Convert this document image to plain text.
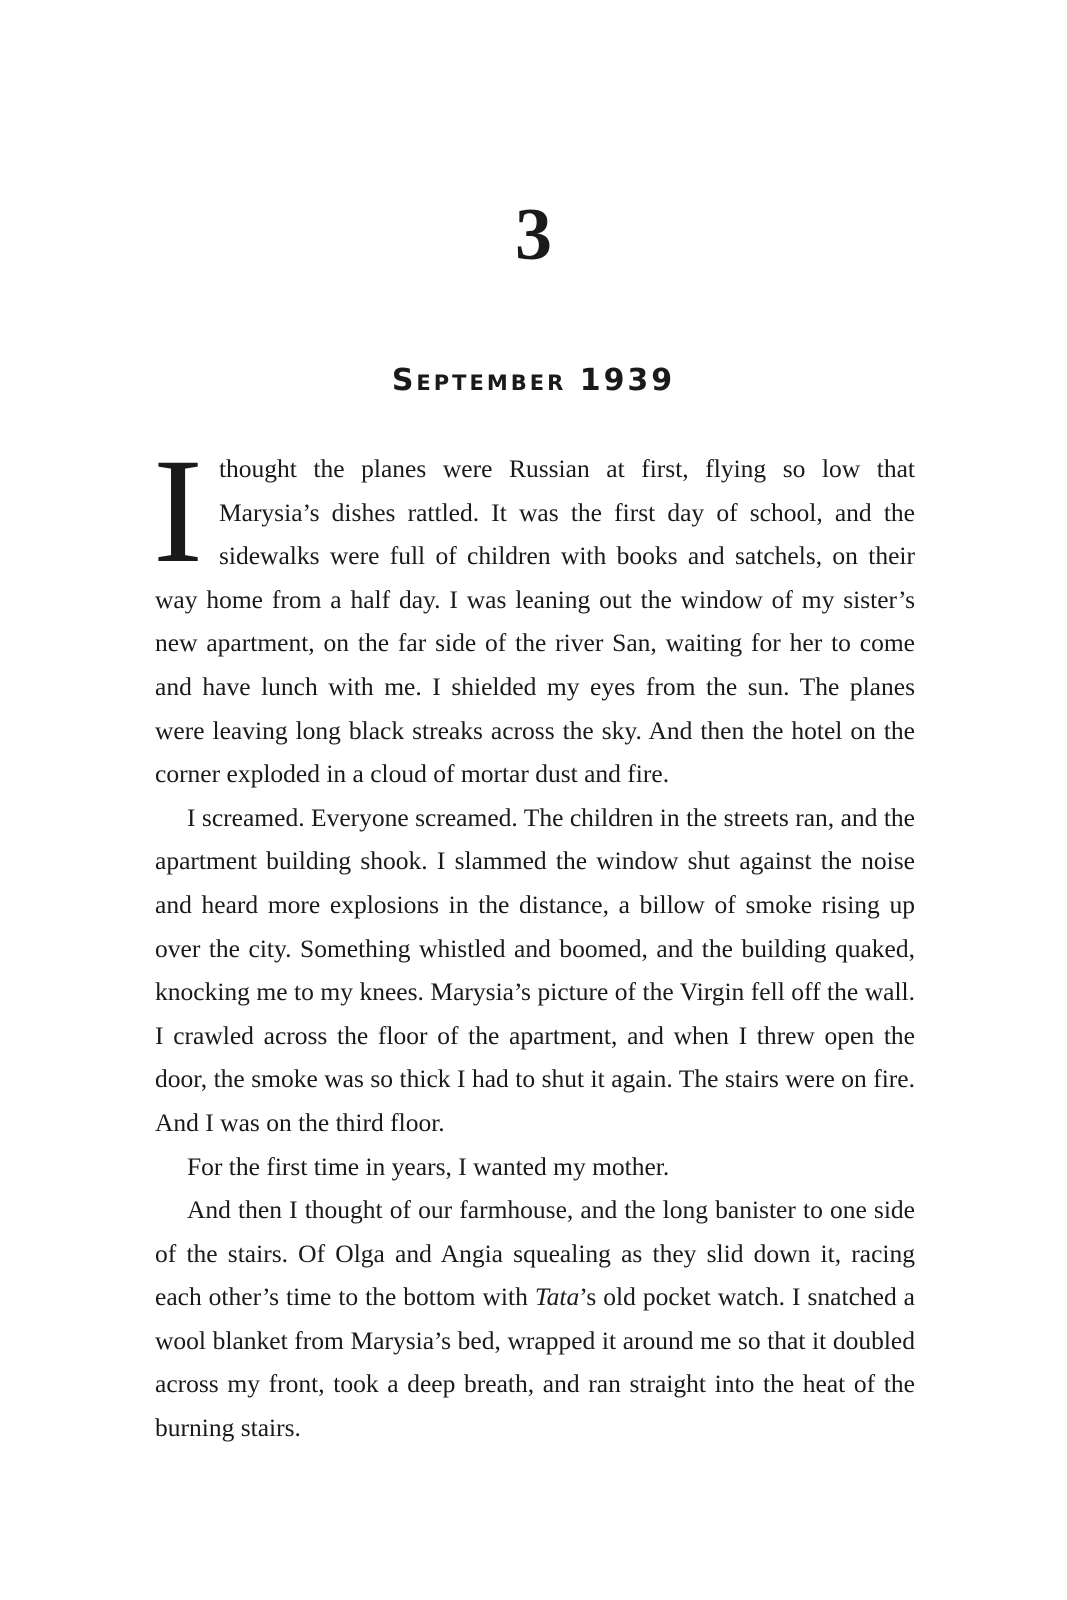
3
September 1939

I thought the planes were Russian at first, flying so low that Marysia’s dishes rattled. It was the first day of school, and the sidewalks were full of children with books and satchels, on their way home from a half day. I was leaning out the window of my sister’s new apartment, on the far side of the river San, waiting for her to come and have lunch with me. I shielded my eyes from the sun. The planes were leaving long black streaks across the sky. And then the hotel on the corner exploded in a cloud of mortar dust and fire.

I screamed. Everyone screamed. The children in the streets ran, and the apartment building shook. I slammed the window shut against the noise and heard more explosions in the distance, a billow of smoke rising up over the city. Something whistled and boomed, and the building quaked, knocking me to my knees. Marysia’s picture of the Virgin fell off the wall. I crawled across the floor of the apartment, and when I threw open the door, the smoke was so thick I had to shut it again. The stairs were on fire. And I was on the third floor.

For the first time in years, I wanted my mother.

And then I thought of our farmhouse, and the long banister to one side of the stairs. Of Olga and Angia squealing as they slid down it, racing each other’s time to the bottom with Tata’s old pocket watch. I snatched a wool blanket from Marysia’s bed, wrapped it around me so that it doubled across my front, took a deep breath, and ran straight into the heat of the burning stairs.
